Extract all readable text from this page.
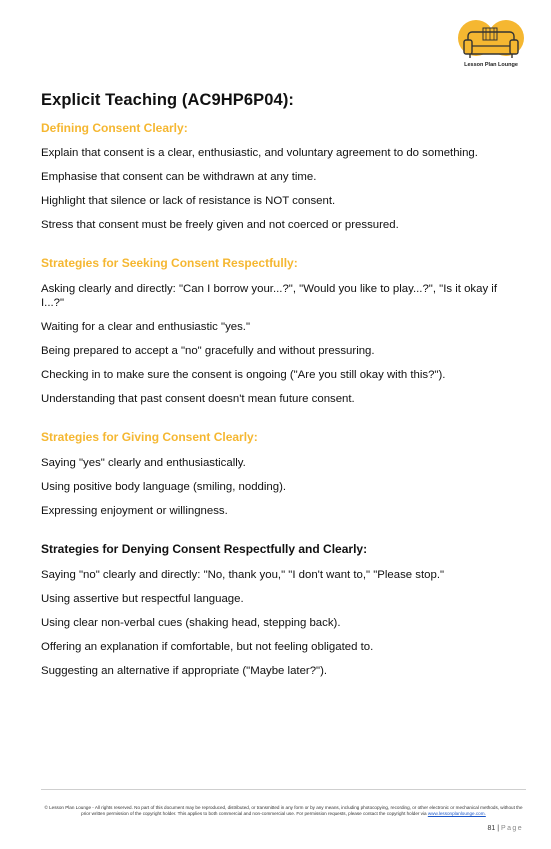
Lesson Plan Lounge
Explicit Teaching (AC9HP6P04):
Defining Consent Clearly:
Explain that consent is a clear, enthusiastic, and voluntary agreement to do something.
Emphasise that consent can be withdrawn at any time.
Highlight that silence or lack of resistance is NOT consent.
Stress that consent must be freely given and not coerced or pressured.
Strategies for Seeking Consent Respectfully:
Asking clearly and directly: "Can I borrow your...?", "Would you like to play...?", "Is it okay if I...?"
Waiting for a clear and enthusiastic "yes."
Being prepared to accept a "no" gracefully and without pressuring.
Checking in to make sure the consent is ongoing ("Are you still okay with this?").
Understanding that past consent doesn't mean future consent.
Strategies for Giving Consent Clearly:
Saying "yes" clearly and enthusiastically.
Using positive body language (smiling, nodding).
Expressing enjoyment or willingness.
Strategies for Denying Consent Respectfully and Clearly:
Saying "no" clearly and directly: "No, thank you," "I don't want to," "Please stop."
Using assertive but respectful language.
Using clear non-verbal cues (shaking head, stepping back).
Offering an explanation if comfortable, but not feeling obligated to.
Suggesting an alternative if appropriate ("Maybe later?").
© Lesson Plan Lounge - All rights reserved. No part of this document may be reproduced, distributed, or transmitted in any form or by any means, including photocopying, recording, or other electronic or mechanical methods, without the prior written permission of the copyright holder. This applies to both commercial and non-commercial use. For permission requests, please contact the copyright holder via www.lessonplanlounge.com.
81 | Page
